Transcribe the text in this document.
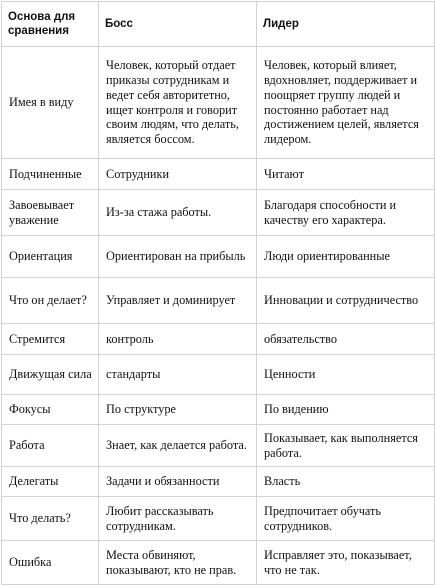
Основа для сравнения	Босс	Лидер
Имея в виду	Человек, который отдает приказы сотрудникам и ведет себя авторитетно, ищет контроля и говорит своим людям, что делать, является боссом.	Человек, который влияет, вдохновляет, поддерживает и поощряет группу людей и постоянно работает над достижением целей, является лидером.
Подчиненные	Сотрудники	Читают
Завоевывает уважение	Из-за стажа работы.	Благодаря способности и качеству его характера.
Ориентация	Ориентирован на прибыль	Люди ориентированные
Что он делает?	Управляет и доминирует	Инновации и сотрудничество
Стремится	контроль	обязательство
Движущая сила	стандарты	Ценности
Фокусы	По структуре	По видению
Работа	Знает, как делается работа.	Показывает, как выполняется работа.
Делегаты	Задачи и обязанности	Власть
Что делать?	Любит рассказывать сотрудникам.	Предпочитает обучать сотрудников.
Ошибка	Места обвиняют, показывают, кто не прав.	Исправляет это, показывает, что не так.
